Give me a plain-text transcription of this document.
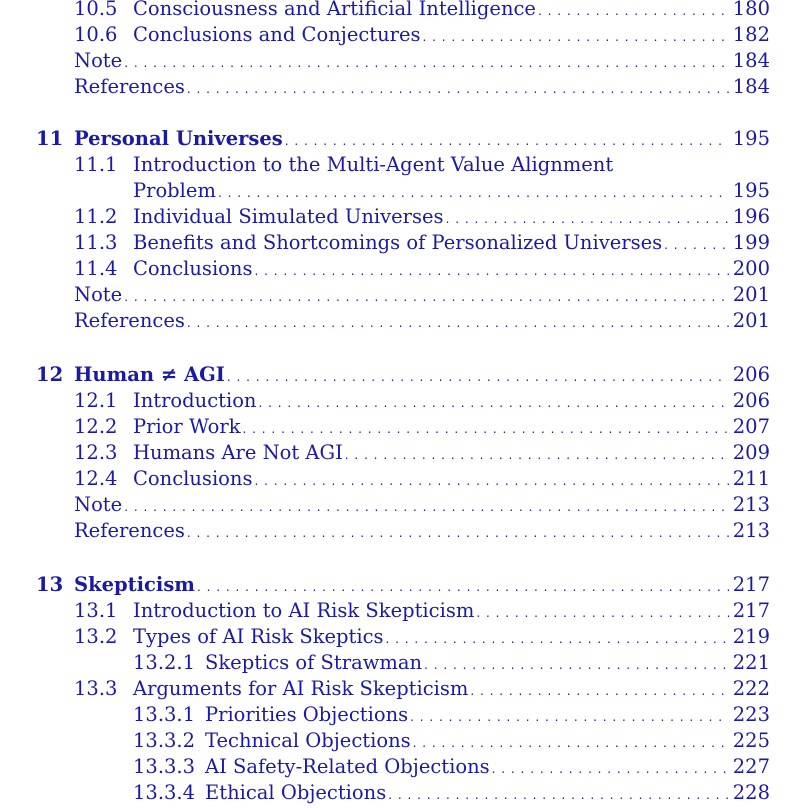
10.5 Consciousness and Artificial Intelligence . . .	180
10.6 Conclusions and Conjectures . . .	182
Note . . .	184
References . . .	184
11 Personal Universes . . .	195
11.1 Introduction to the Multi-Agent Value Alignment
Problem . . .	195
11.2 Individual Simulated Universes . . .	196
11.3 Benefits and Shortcomings of Personalized Universes . . .	199
11.4 Conclusions . . .	200
Note . . .	201
References . . .	201
12 Human ≠ AGI . . .	206
12.1 Introduction . . .	206
12.2 Prior Work . . .	207
12.3 Humans Are Not AGI . . .	209
12.4 Conclusions . . .	211
Note . . .	213
References . . .	213
13 Skepticism . . .	217
13.1 Introduction to AI Risk Skepticism . . .	217
13.2 Types of AI Risk Skeptics . . .	219
13.2.1 Skeptics of Strawman . . .	221
13.3 Arguments for AI Risk Skepticism . . .	222
13.3.1 Priorities Objections . . .	223
13.3.2 Technical Objections . . .	225
13.3.3 AI Safety-Related Objections . . .	227
13.3.4 Ethical Objections . . .	228
